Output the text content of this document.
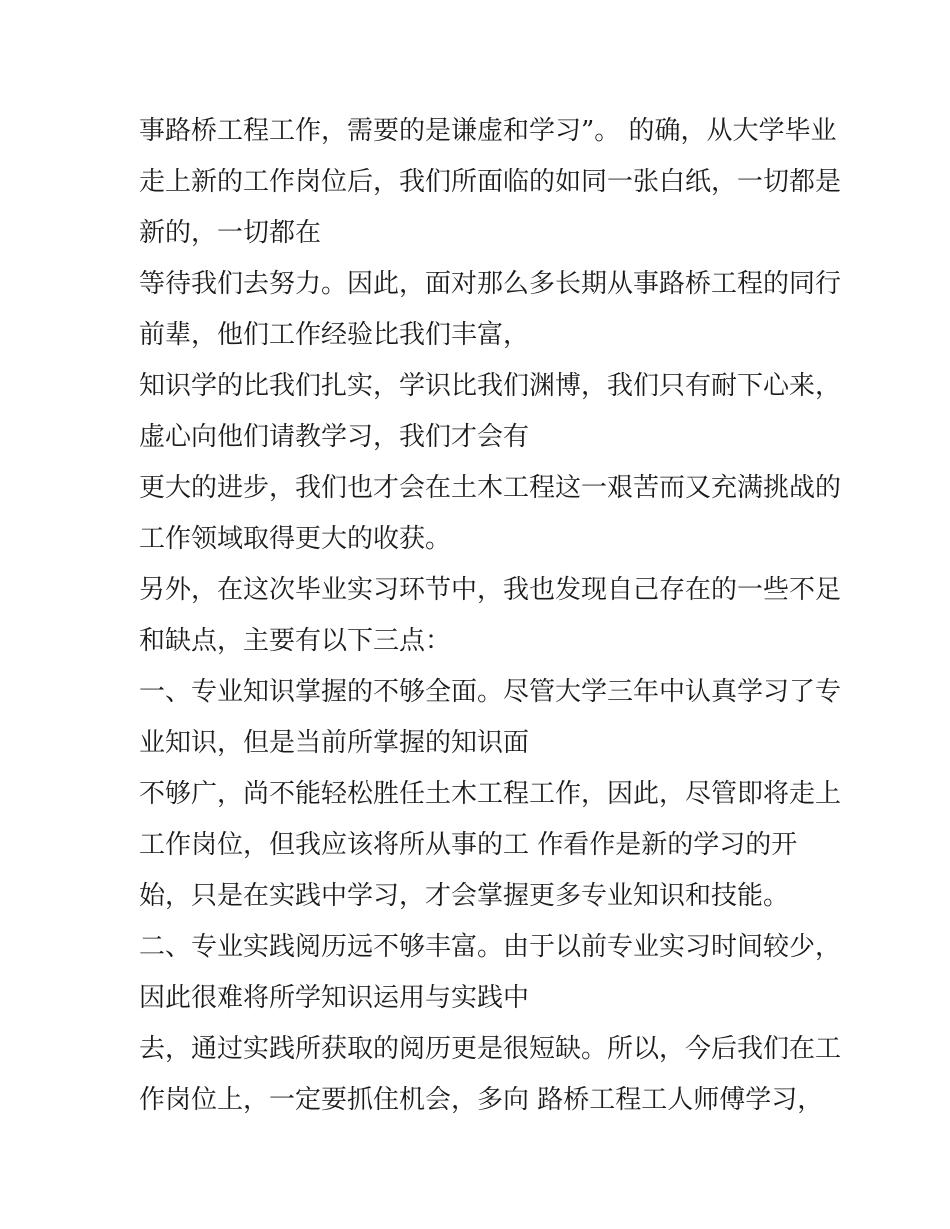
事路桥工程工作，需要的是谦虚和学习”。 的确，从大学毕业
走上新的工作岗位后，我们所面临的如同一张白纸，一切都是
新的，一切都在
等待我们去努力。因此，面对那么多长期从事路桥工程的同行
前辈，他们工作经验比我们丰富，
知识学的比我们扎实，学识比我们渊博，我们只有耐下心来，
虚心向他们请教学习，我们才会有
更大的进步，我们也才会在土木工程这一艰苦而又充满挑战的
工作领域取得更大的收获。
另外，在这次毕业实习环节中，我也发现自己存在的一些不足
和缺点，主要有以下三点：
一、专业知识掌握的不够全面。尽管大学三年中认真学习了专
业知识，但是当前所掌握的知识面
不够广，尚不能轻松胜任土木工程工作，因此，尽管即将走上
工作岗位，但我应该将所从事的工 作看作是新的学习的开
始，只是在实践中学习，才会掌握更多专业知识和技能。
二、专业实践阅历远不够丰富。由于以前专业实习时间较少，
因此很难将所学知识运用与实践中
去，通过实践所获取的阅历更是很短缺。所以，今后我们在工
作岗位上，一定要抓住机会，多向 路桥工程工人师傅学习，
